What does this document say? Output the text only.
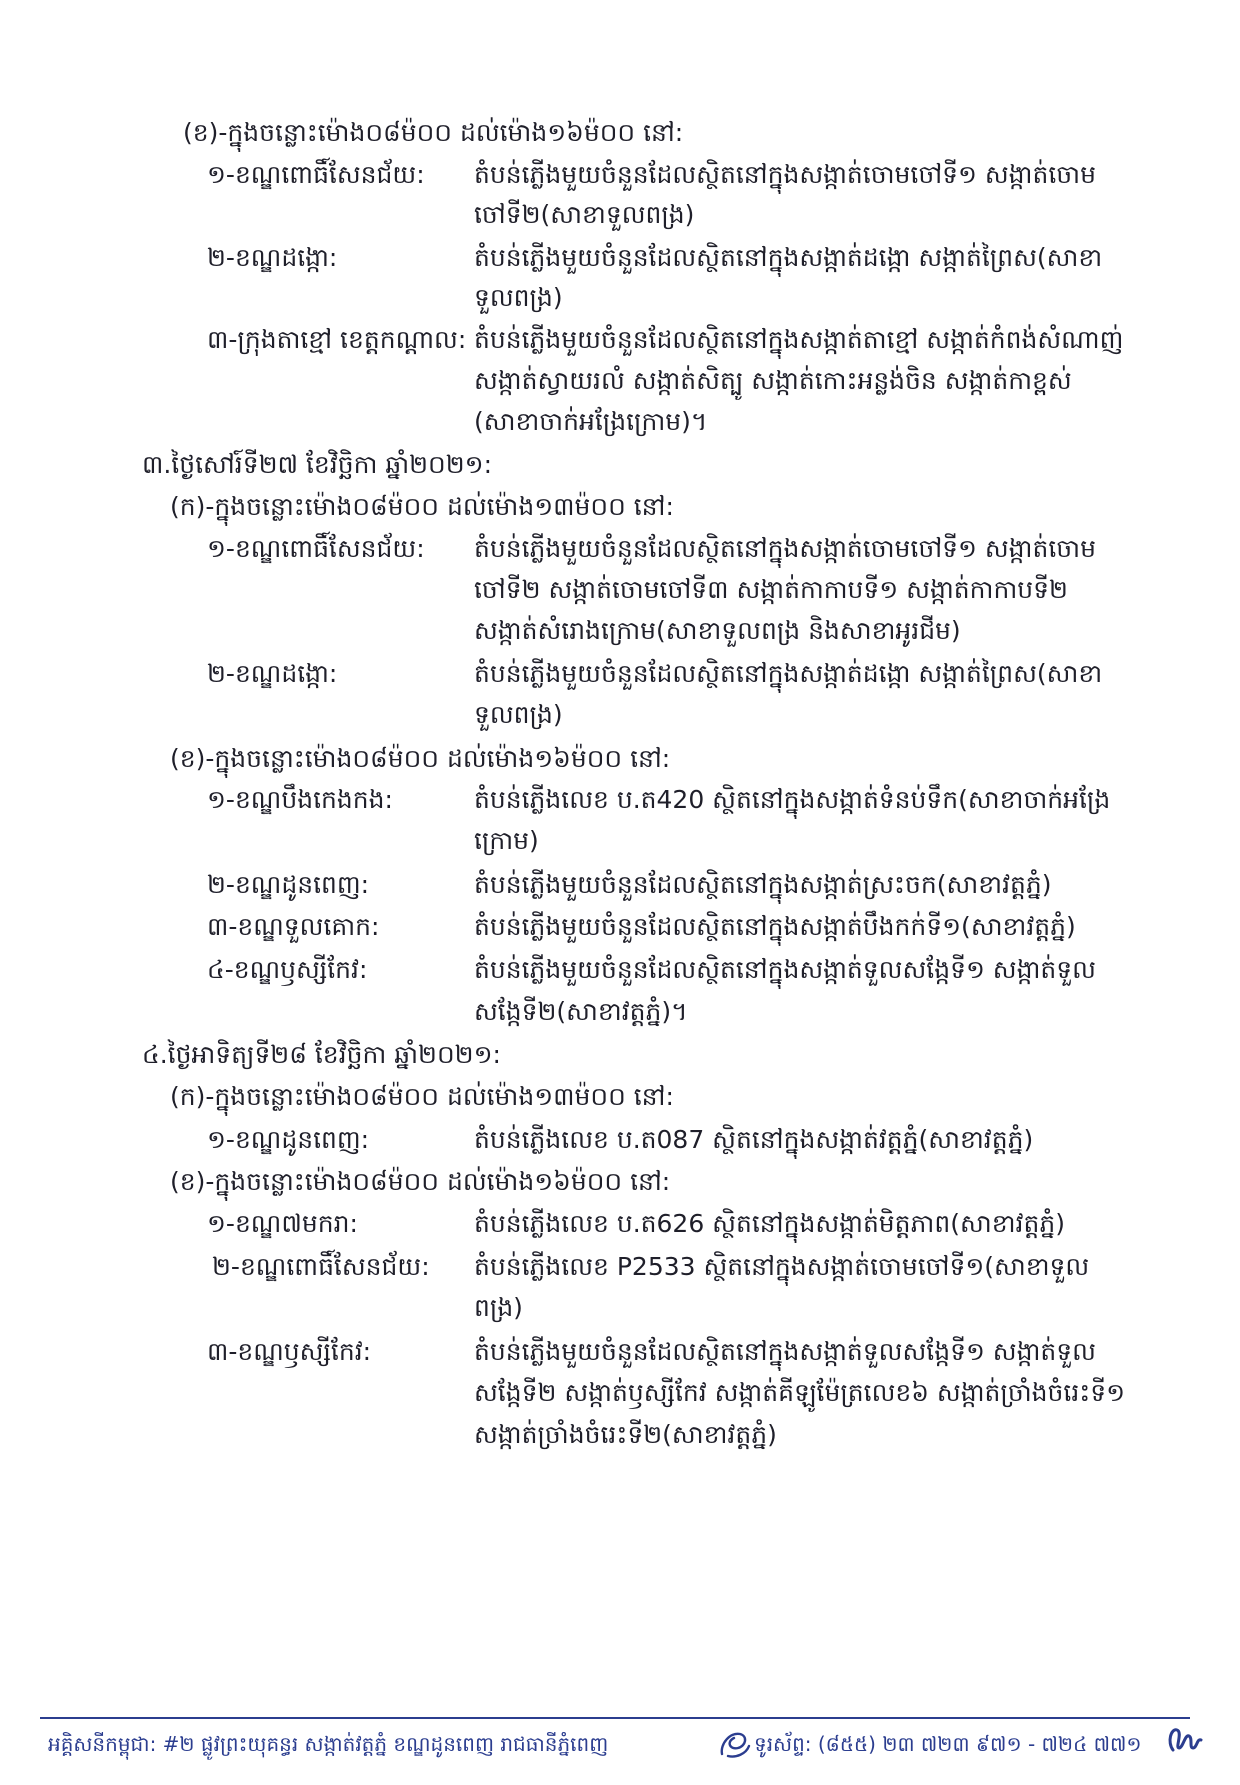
(ខ)-ក្នុងចន្លោះម៉ោង០៨ម៉០០ ដល់ម៉ោង១៦ម៉០០ នៅ:
១-ខណ្ឌពោធិ៍សែនជ័យ: តំបន់ភ្លើងមួយចំនួនដែលស្ថិតនៅក្នុងសង្កាត់ចោមចៅទី១ សង្កាត់ចោម
ចៅទី២(សាខាទួលពង្រ)
២-ខណ្ឌដង្កោ:	តំបន់ភ្លើងមួយចំនួនដែលស្ថិតនៅក្នុងសង្កាត់ដង្កោ សង្កាត់ព្រៃស(សាខា
ទួលពង្រ)
៣-ក្រុងតាខ្មៅ ខេត្តកណ្តាល: តំបន់ភ្លើងមួយចំនួនដែលស្ថិតនៅក្នុងសង្កាត់តាខ្មៅ សង្កាត់កំពង់សំណាញ់
សង្កាត់ស្វាយរលំ សង្កាត់សិត្បូ សង្កាត់កោះអន្លង់ចិន សង្កាត់កាខ្ពស់
(សាខាចាក់អង្រែក្រោម)។
៣.ថ្ងៃសៅរ៍ទី២៧ ខែវិច្ឆិកា ឆ្នាំ២០២១:
(ក)-ក្នុងចន្លោះម៉ោង០៨ម៉០០ ដល់ម៉ោង១៣ម៉០០ នៅ:
១-ខណ្ឌពោធិ៍សែនជ័យ: តំបន់ភ្លើងមួយចំនួនដែលស្ថិតនៅក្នុងសង្កាត់ចោមចៅទី១ សង្កាត់ចោម
ចៅទី២ សង្កាត់ចោមចៅទី៣ សង្កាត់កាកាបទី១ សង្កាត់កាកាបទី២
សង្កាត់សំរោងក្រោម(សាខាទួលពង្រ និងសាខាអូរជីម)
២-ខណ្ឌដង្កោ:	តំបន់ភ្លើងមួយចំនួនដែលស្ថិតនៅក្នុងសង្កាត់ដង្កោ សង្កាត់ព្រៃស(សាខា
ទួលពង្រ)
(ខ)-ក្នុងចន្លោះម៉ោង០៨ម៉០០ ដល់ម៉ោង១៦ម៉០០ នៅ:
១-ខណ្ឌបឹងកេងកង:	តំបន់ភ្លើងលេខ ប.ត420 ស្ថិតនៅក្នុងសង្កាត់ទំនប់ទឹក(សាខាចាក់អង្រែ
ក្រោម)
២-ខណ្ឌដូនពេញ:	តំបន់ភ្លើងមួយចំនួនដែលស្ថិតនៅក្នុងសង្កាត់ស្រះចក(សាខាវត្តភ្នំ)
៣-ខណ្ឌទួលគោក:	តំបន់ភ្លើងមួយចំនួនដែលស្ថិតនៅក្នុងសង្កាត់បឹងកក់ទី១(សាខាវត្តភ្នំ)
៤-ខណ្ឌឫស្សីកែវ:	តំបន់ភ្លើងមួយចំនួនដែលស្ថិតនៅក្នុងសង្កាត់ទួលសង្កែទី១ សង្កាត់ទួល
សង្កែទី២(សាខាវត្តភ្នំ)។
៤.ថ្ងៃអាទិត្យទី២៨ ខែវិច្ឆិកា ឆ្នាំ២០២១:
(ក)-ក្នុងចន្លោះម៉ោង០៨ម៉០០ ដល់ម៉ោង១៣ម៉០០ នៅ:
១-ខណ្ឌដូនពេញ:	តំបន់ភ្លើងលេខ ប.ត087 ស្ថិតនៅក្នុងសង្កាត់វត្តភ្នំ(សាខាវត្តភ្នំ)
(ខ)-ក្នុងចន្លោះម៉ោង០៨ម៉០០ ដល់ម៉ោង១៦ម៉០០ នៅ:
១-ខណ្ឌ៧មករា:	តំបន់ភ្លើងលេខ ប.ត626 ស្ថិតនៅក្នុងសង្កាត់មិត្តភាព(សាខាវត្តភ្នំ)
២-ខណ្ឌពោធិ៍សែនជ័យ: តំបន់ភ្លើងលេខ P2533 ស្ថិតនៅក្នុងសង្កាត់ចោមចៅទី១(សាខាទួល
ពង្រ)
៣-ខណ្ឌឫស្សីកែវ:	តំបន់ភ្លើងមួយចំនួនដែលស្ថិតនៅក្នុងសង្កាត់ទួលសង្កែទី១ សង្កាត់ទួល
សង្កែទី២ សង្កាត់ឫស្សីកែវ សង្កាត់គីឡូម៉ែត្រលេខ៦ សង្កាត់ច្រាំងចំរេះទី១
សង្កាត់ច្រាំងចំរេះទី២(សាខាវត្តភ្នំ)
អគ្គិសនីកម្ពុជា: #២ ផ្លូវព្រះយុគន្ធរ សង្កាត់វត្តភ្នំ ខណ្ឌដូនពេញ រាជធានីភ្នំពេញ	ទូរស័ព្ទ: (៨៥៥) ២៣ ៧២៣ ៩៧១ - ៧២៤ ៧៧១
